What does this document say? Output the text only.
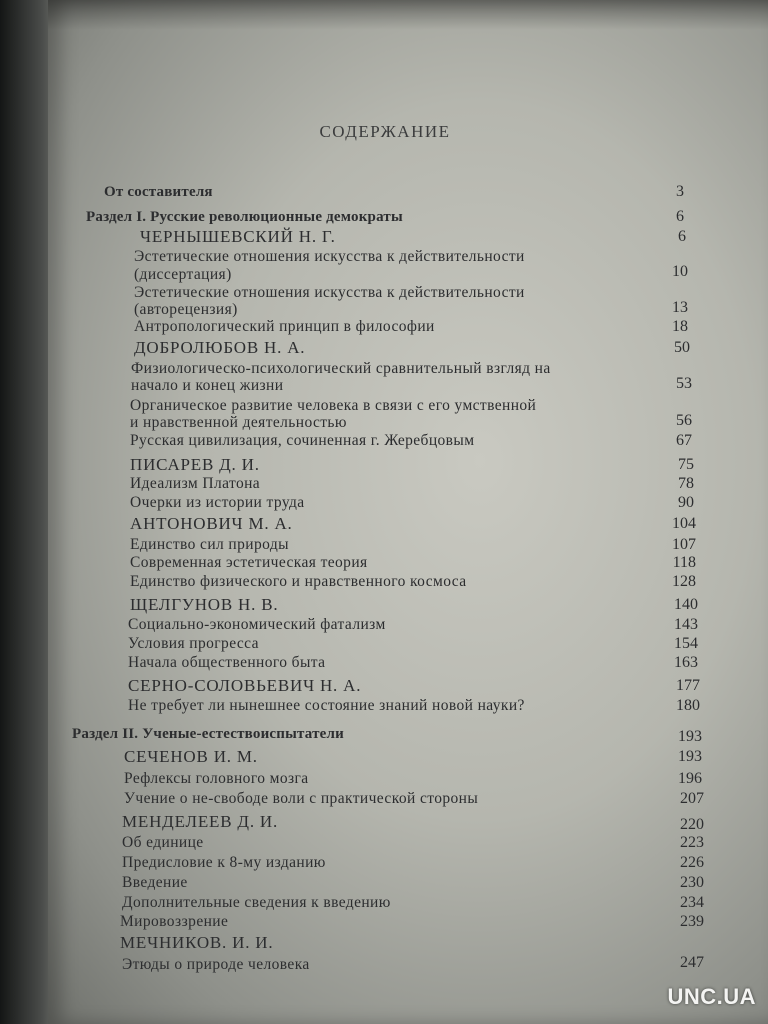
СОДЕРЖАНИЕ
От составителя	3
Раздел I. Русские революционные демократы	6
ЧЕРНЫШЕВСКИЙ Н. Г.	6
Эстетические отношения искусства к действительности
(диссертация)	10
Эстетические отношения искусства к действительности
(авторецензия)	13
Антропологический принцип в философии	18
ДОБРОЛЮБОВ Н. А.	50
Физиологическо-психологический сравнительный взгляд на
начало и конец жизни	53
Органическое развитие человека в связи с его умственной
и нравственной деятельностью	56
Русская цивилизация, сочиненная г. Жеребцовым	67
ПИСАРЕВ Д. И.	75
Идеализм Платона	78
Очерки из истории труда	90
АНТОНОВИЧ М. А.	104
Единство сил природы	107
Современная эстетическая теория	118
Единство физического и нравственного космоса	128
ЩЕЛГУНОВ Н. В.	140
Социально-экономический фатализм	143
Условия прогресса	154
Начала общественного быта	163
СЕРНО-СОЛОВЬЕВИЧ Н. А.	177
Не требует ли нынешнее состояние знаний новой науки?	180
Раздел II. Ученые-естествоиспытатели	193
СЕЧЕНОВ И. М.	193
Рефлексы головного мозга	196
Учение о не-свободе воли с практической стороны	207
МЕНДЕЛЕЕВ Д. И.	220
Об единице	223
Предисловие к 8-му изданию	226
Введение	230
Дополнительные сведения к введению	234
Мировоззрение	239
МЕЧНИКОВ. И. И.
Этюды о природе человека	247
UNC.UA
